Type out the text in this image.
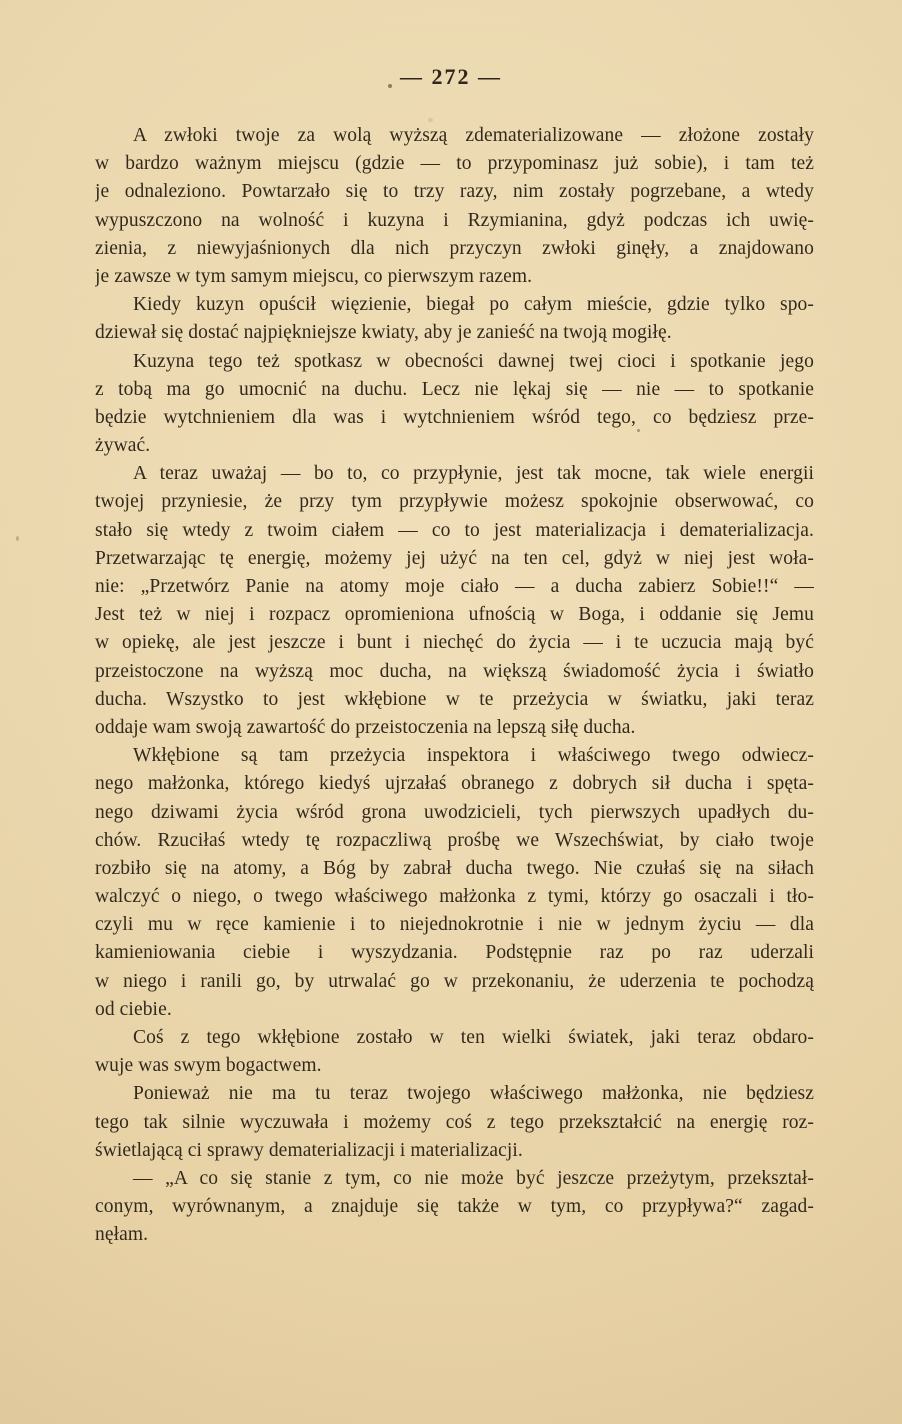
— 272 —
A zwłoki twoje za wolą wyższą zdematerializowane — złożone zostały
w bardzo ważnym miejscu (gdzie — to przypominasz już sobie), i tam też
je odnaleziono. Powtarzało się to trzy razy, nim zostały pogrzebane, a wtedy
wypuszczono na wolność i kuzyna i Rzymianina, gdyż podczas ich uwię-
zienia, z niewyjaśnionych dla nich przyczyn zwłoki ginęły, a znajdowano
je zawsze w tym samym miejscu, co pierwszym razem.
Kiedy kuzyn opuścił więzienie, biegał po całym mieście, gdzie tylko spo-
dziewał się dostać najpiękniejsze kwiaty, aby je zanieść na twoją mogiłę.
Kuzyna tego też spotkasz w obecności dawnej twej cioci i spotkanie jego
z tobą ma go umocnić na duchu. Lecz nie lękaj się — nie — to spotkanie
będzie wytchnieniem dla was i wytchnieniem wśród tego, co będziesz prze-
żywać.
A teraz uważaj — bo to, co przypłynie, jest tak mocne, tak wiele energii
twojej przyniesie, że przy tym przypływie możesz spokojnie obserwować, co
stało się wtedy z twoim ciałem — co to jest materializacja i dematerializacja.
Przetwarzając tę energię, możemy jej użyć na ten cel, gdyż w niej jest woła-
nie: „Przetwórz Panie na atomy moje ciało — a ducha zabierz Sobie!!“ —
Jest też w niej i rozpacz opromieniona ufnością w Boga, i oddanie się Jemu
w opiekę, ale jest jeszcze i bunt i niechęć do życia — i te uczucia mają być
przeistoczone na wyższą moc ducha, na większą świadomość życia i światło
ducha. Wszystko to jest wkłębione w te przeżycia w światku, jaki teraz
oddaje wam swoją zawartość do przeistoczenia na lepszą siłę ducha.
Wkłębione są tam przeżycia inspektora i właściwego twego odwiecz-
nego małżonka, którego kiedyś ujrzałaś obranego z dobrych sił ducha i spęta-
nego dziwami życia wśród grona uwodzicieli, tych pierwszych upadłych du-
chów. Rzuciłaś wtedy tę rozpaczliwą prośbę we Wszechświat, by ciało twoje
rozbiło się na atomy, a Bóg by zabrał ducha twego. Nie czułaś się na siłach
walczyć o niego, o twego właściwego małżonka z tymi, którzy go osaczali i tło-
czyli mu w ręce kamienie i to niejednokrotnie i nie w jednym życiu — dla
kamieniowania ciebie i wyszydzania. Podstępnie raz po raz uderzali
w niego i ranili go, by utrwalać go w przekonaniu, że uderzenia te pochodzą
od ciebie.
Coś z tego wkłębione zostało w ten wielki światek, jaki teraz obdaro-
wuje was swym bogactwem.
Ponieważ nie ma tu teraz twojego właściwego małżonka, nie będziesz
tego tak silnie wyczuwała i możemy coś z tego przekształcić na energię roz-
świetlającą ci sprawy dematerializacji i materializacji.
— „A co się stanie z tym, co nie może być jeszcze przeżytym, przekształ-
conym, wyrównanym, a znajduje się także w tym, co przypływa?“ zagad-
nęłam.
